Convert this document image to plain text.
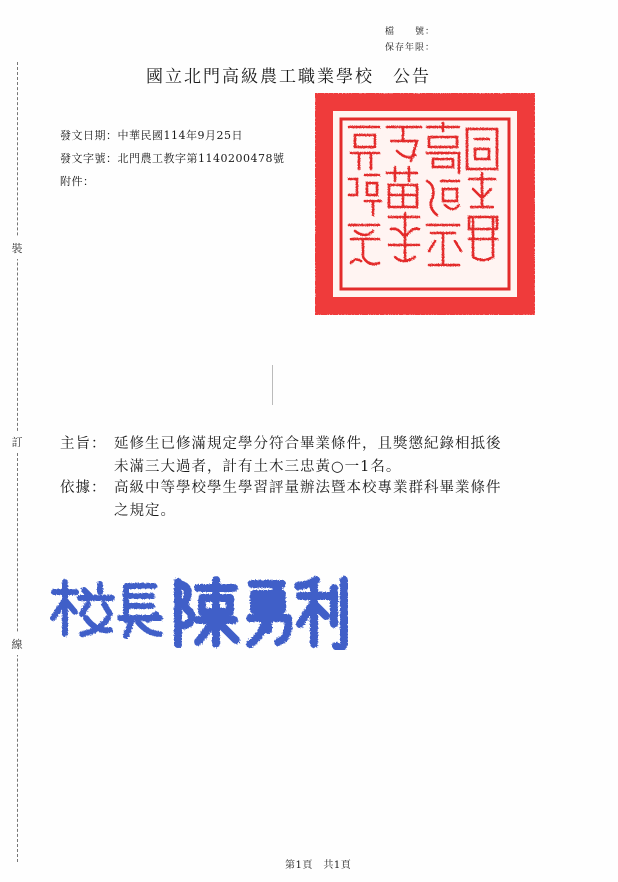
裝
訂
線
檔　　號：
保存年限：
國立北門高級農工職業學校　公告
發文日期：中華民國114年9月25日
發文字號：北門農工教字第1140200478號
附件：
主旨： 延修生已修滿規定學分符合畢業條件，且獎懲紀錄相抵後
未滿三大過者，計有土木三忠黃○一1名。
依據： 高級中等學校學生學習評量辦法暨本校專業群科畢業條件
之規定。
第1頁　共1頁
